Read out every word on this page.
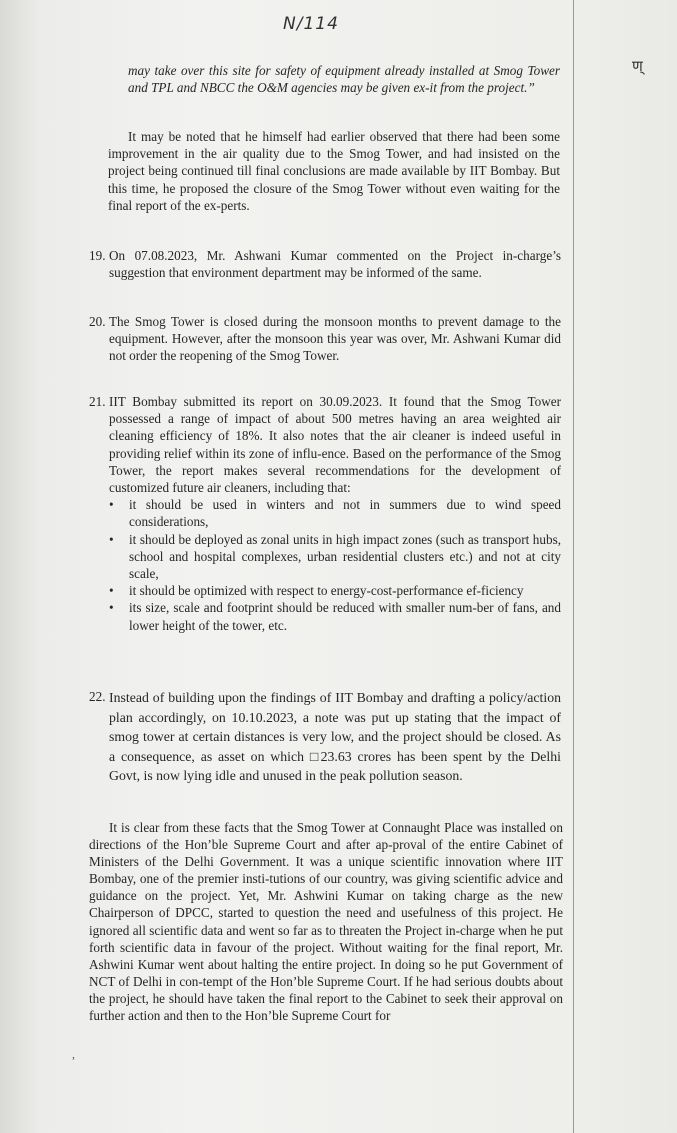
N/114
ण्
,

may take over this site for safety of equipment already installed at Smog Tower and TPL and NBCC the O&M agencies may be given ex-it from the project.”

It may be noted that he himself had earlier observed that there had been some improvement in the air quality due to the Smog Tower, and had insisted on the project being continued till final conclusions are made available by IIT Bombay. But this time, he proposed the closure of the Smog Tower without even waiting for the final report of the ex-perts.

19. On 07.08.2023, Mr. Ashwani Kumar commented on the Project in-charge’s suggestion that environment department may be informed of the same.

20. The Smog Tower is closed during the monsoon months to prevent damage to the equipment. However, after the monsoon this year was over, Mr. Ashwani Kumar did not order the reopening of the Smog Tower.

21. IIT Bombay submitted its report on 30.09.2023. It found that the Smog Tower possessed a range of impact of about 500 metres having an area weighted air cleaning efficiency of 18%. It also notes that the air cleaner is indeed useful in providing relief within its zone of influ-ence. Based on the performance of the Smog Tower, the report makes several recommendations for the development of customized future air cleaners, including that:

• it should be used in winters and not in summers due to wind speed considerations,
• it should be deployed as zonal units in high impact zones (such as transport hubs, school and hospital complexes, urban residential clusters etc.) and not at city scale,
• it should be optimized with respect to energy-cost-performance ef-ficiency
• its size, scale and footprint should be reduced with smaller num-ber of fans, and lower height of the tower, etc.
22. Instead of building upon the findings of IIT Bombay and drafting a policy/action plan accordingly, on 10.10.2023, a note was put up stating that the impact of smog tower at certain distances is very low, and the project should be closed. As a consequence, as asset on which □23.63 crores has been spent by the Delhi Govt, is now lying idle and unused in the peak pollution season.

It is clear from these facts that the Smog Tower at Connaught Place was installed on directions of the Hon’ble Supreme Court and after ap-proval of the entire Cabinet of Ministers of the Delhi Government. It was a unique scientific innovation where IIT Bombay, one of the premier insti-tutions of our country, was giving scientific advice and guidance on the project. Yet, Mr. Ashwini Kumar on taking charge as the new Chairperson of DPCC, started to question the need and usefulness of this project. He ignored all scientific data and went so far as to threaten the Project in-charge when he put forth scientific data in favour of the project. Without waiting for the final report, Mr. Ashwini Kumar went about halting the entire project. In doing so he put Government of NCT of Delhi in con-tempt of the Hon’ble Supreme Court. If he had serious doubts about the project, he should have taken the final report to the Cabinet to seek their approval on further action and then to the Hon’ble Supreme Court for
